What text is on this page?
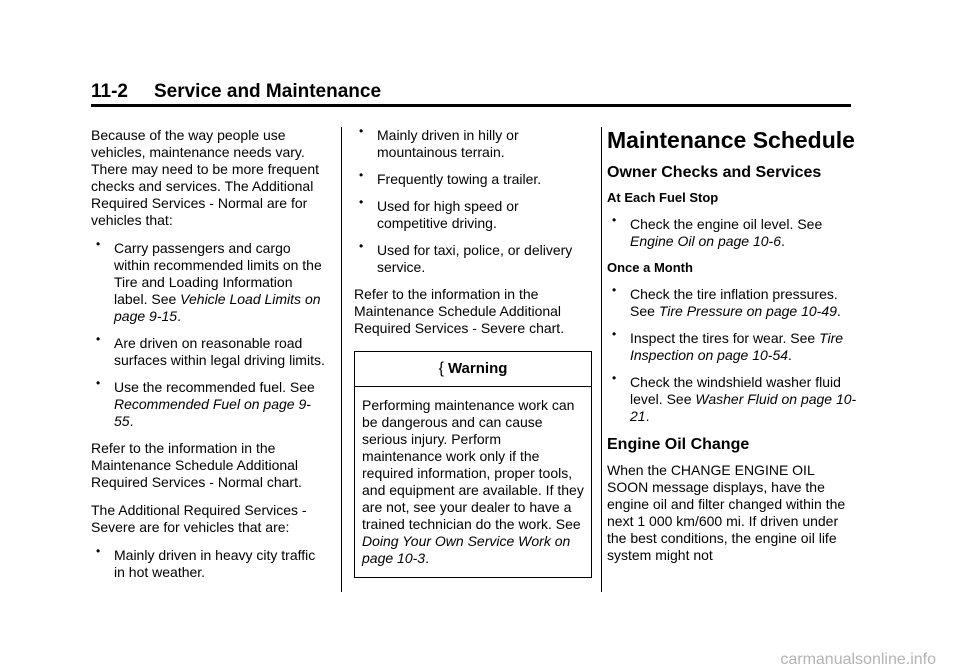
11-2 Service and Maintenance

Because of the way people use vehicles, maintenance needs vary. There may need to be more frequent checks and services. The Additional Required Services - Normal are for vehicles that:

• Carry passengers and cargo within recommended limits on the Tire and Loading Information label. See Vehicle Load Limits on page 9-15.
• Are driven on reasonable road surfaces within legal driving limits.
• Use the recommended fuel. See Recommended Fuel on page 9-55.

Refer to the information in the Maintenance Schedule Additional Required Services - Normal chart.

The Additional Required Services - Severe are for vehicles that are:

• Mainly driven in heavy city traffic in hot weather.
• Mainly driven in hilly or mountainous terrain.
• Frequently towing a trailer.
• Used for high speed or competitive driving.
• Used for taxi, police, or delivery service.

Refer to the information in the Maintenance Schedule Additional Required Services - Severe chart.

{ Warning

Performing maintenance work can be dangerous and can cause serious injury. Perform maintenance work only if the required information, proper tools, and equipment are available. If they are not, see your dealer to have a trained technician do the work. See Doing Your Own Service Work on page 10-3.

Maintenance Schedule
Owner Checks and Services
At Each Fuel Stop
• Check the engine oil level. See Engine Oil on page 10-6.
Once a Month
• Check the tire inflation pressures. See Tire Pressure on page 10-49.
• Inspect the tires for wear. See Tire Inspection on page 10-54.
• Check the windshield washer fluid level. See Washer Fluid on page 10-21.
Engine Oil Change

When the CHANGE ENGINE OIL SOON message displays, have the engine oil and filter changed within the next 1 000 km/600 mi. If driven under the best conditions, the engine oil life system might not

carmanualsonline.info
